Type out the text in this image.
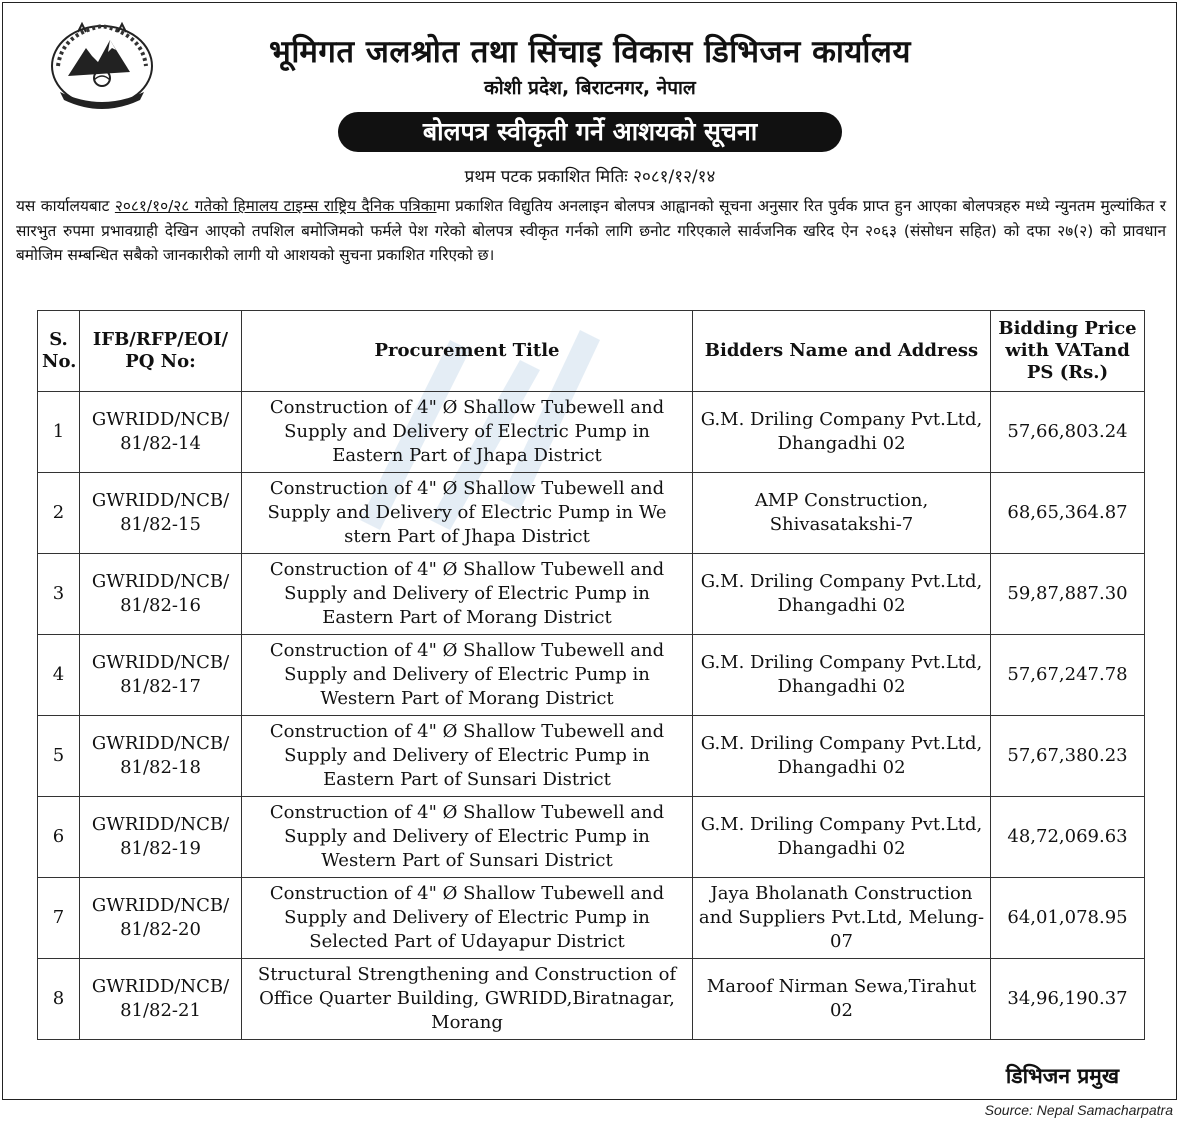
भूमिगत जलश्रोत तथा सिंचाइ विकास डिभिजन कार्यालय
कोशी प्रदेश, बिराटनगर, नेपाल
बोलपत्र स्वीकृती गर्ने आशयको सूचना
प्रथम पटक प्रकाशित मितिः २०८१/१२/१४
यस कार्यालयबाट २०८१/१०/२८ गतेको हिमालय टाइम्स राष्ट्रिय दैनिक पत्रिकामा प्रकाशित विद्युतिय अनलाइन बोलपत्र आह्वानको सूचना अनुसार रित पुर्वक प्राप्त हुन आएका बोलपत्रहरु मध्ये न्युनतम मुल्यांकित र सारभुत रुपमा प्रभावग्राही देखिन आएको तपशिल बमोजिमको फर्मले पेश गरेको बोलपत्र स्वीकृत गर्नको लागि छनोट गरिएकाले सार्वजनिक खरिद ऐन २०६३ (संसोधन सहित) को दफा २७(२) को प्रावधान बमोजिम सम्बन्धित सबैको जानकारीको लागी यो आशयको सुचना प्रकाशित गरिएको छ।
S. No.	IFB/RFP/EOI/ PQ No:	Procurement Title	Bidders Name and Address	Bidding Price with VATand PS (Rs.)
1	GWRIDD/NCB/ 81/82-14	Construction of 4" Ø Shallow Tubewell and Supply and Delivery of Electric Pump in Eastern Part of Jhapa District	G.M. Driling Company Pvt.Ltd, Dhangadhi 02	57,66,803.24
2	GWRIDD/NCB/ 81/82-15	Construction of 4" Ø Shallow Tubewell and Supply and Delivery of Electric Pump in We stern Part of Jhapa District	AMP Construction, Shivasatakshi-7	68,65,364.87
3	GWRIDD/NCB/ 81/82-16	Construction of 4" Ø Shallow Tubewell and Supply and Delivery of Electric Pump in Eastern Part of Morang District	G.M. Driling Company Pvt.Ltd, Dhangadhi 02	59,87,887.30
4	GWRIDD/NCB/ 81/82-17	Construction of 4" Ø Shallow Tubewell and Supply and Delivery of Electric Pump in Western Part of Morang District	G.M. Driling Company Pvt.Ltd, Dhangadhi 02	57,67,247.78
5	GWRIDD/NCB/ 81/82-18	Construction of 4" Ø Shallow Tubewell and Supply and Delivery of Electric Pump in Eastern Part of Sunsari District	G.M. Driling Company Pvt.Ltd, Dhangadhi 02	57,67,380.23
6	GWRIDD/NCB/ 81/82-19	Construction of 4" Ø Shallow Tubewell and Supply and Delivery of Electric Pump in Western Part of Sunsari District	G.M. Driling Company Pvt.Ltd, Dhangadhi 02	48,72,069.63
7	GWRIDD/NCB/ 81/82-20	Construction of 4" Ø Shallow Tubewell and Supply and Delivery of Electric Pump in Selected Part of Udayapur District	Jaya Bholanath Construction and Suppliers Pvt.Ltd, Melung-07	64,01,078.95
8	GWRIDD/NCB/ 81/82-21	Structural Strengthening and Construction of Office Quarter Building, GWRIDD,Biratnagar, Morang	Maroof Nirman Sewa,Tirahut 02	34,96,190.37
डिभिजन प्रमुख
Source: Nepal Samacharpatra
